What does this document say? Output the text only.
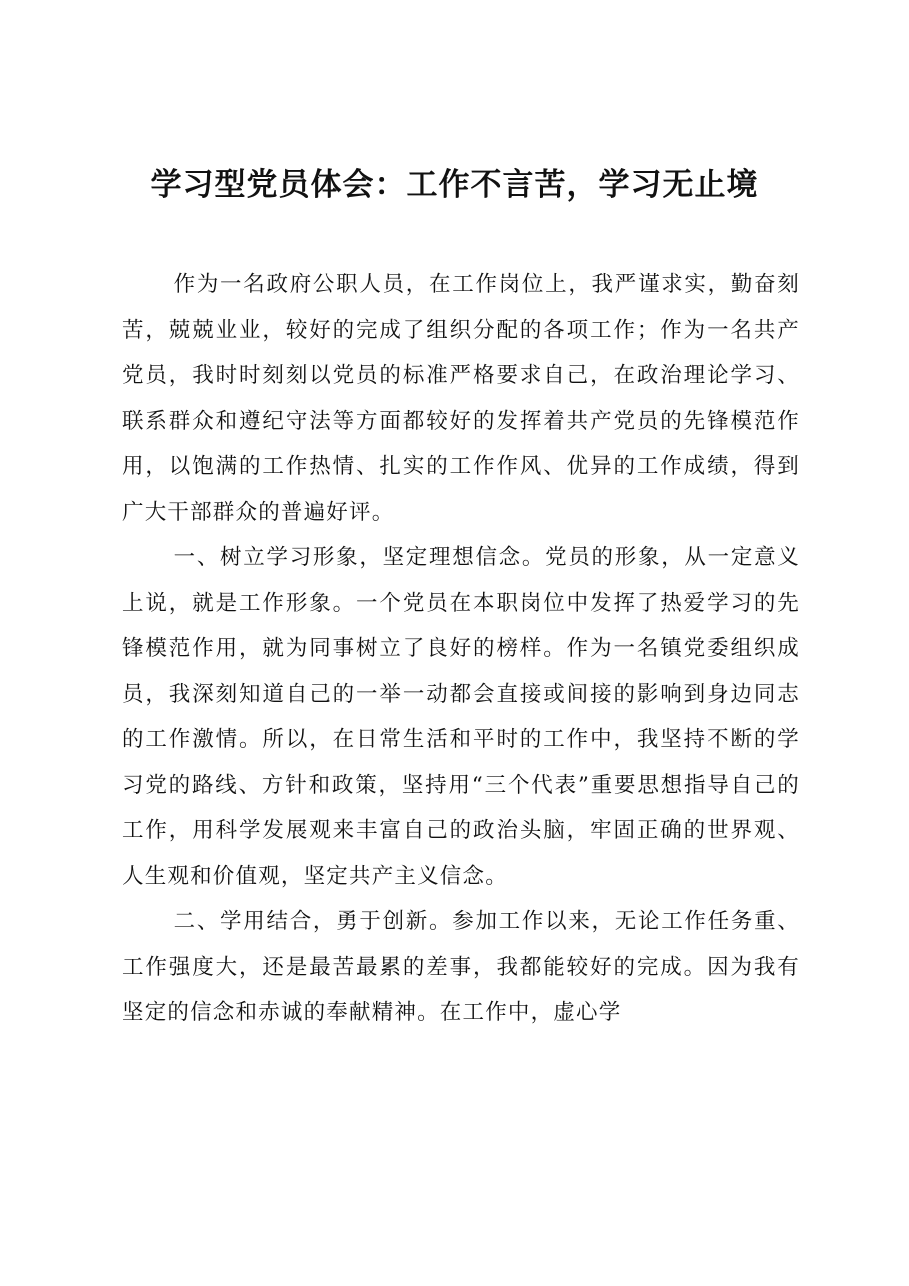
学习型党员体会：工作不言苦，学习无止境

作为一名政府公职人员，在工作岗位上，我严谨求实，勤奋刻苦，兢兢业业，较好的完成了组织分配的各项工作；作为一名共产党员，我时时刻刻以党员的标准严格要求自己，在政治理论学习、联系群众和遵纪守法等方面都较好的发挥着共产党员的先锋模范作用，以饱满的工作热情、扎实的工作作风、优异的工作成绩，得到广大干部群众的普遍好评。

一、树立学习形象，坚定理想信念。党员的形象，从一定意义上说，就是工作形象。一个党员在本职岗位中发挥了热爱学习的先锋模范作用，就为同事树立了良好的榜样。作为一名镇党委组织成员，我深刻知道自己的一举一动都会直接或间接的影响到身边同志的工作激情。所以，在日常生活和平时的工作中，我坚持不断的学习党的路线、方针和政策，坚持用“三个代表”重要思想指导自己的工作，用科学发展观来丰富自己的政治头脑，牢固正确的世界观、人生观和价值观，坚定共产主义信念。

二、学用结合，勇于创新。参加工作以来，无论工作任务重、工作强度大，还是最苦最累的差事，我都能较好的完成。因为我有坚定的信念和赤诚的奉献精神。在工作中，虚心学
